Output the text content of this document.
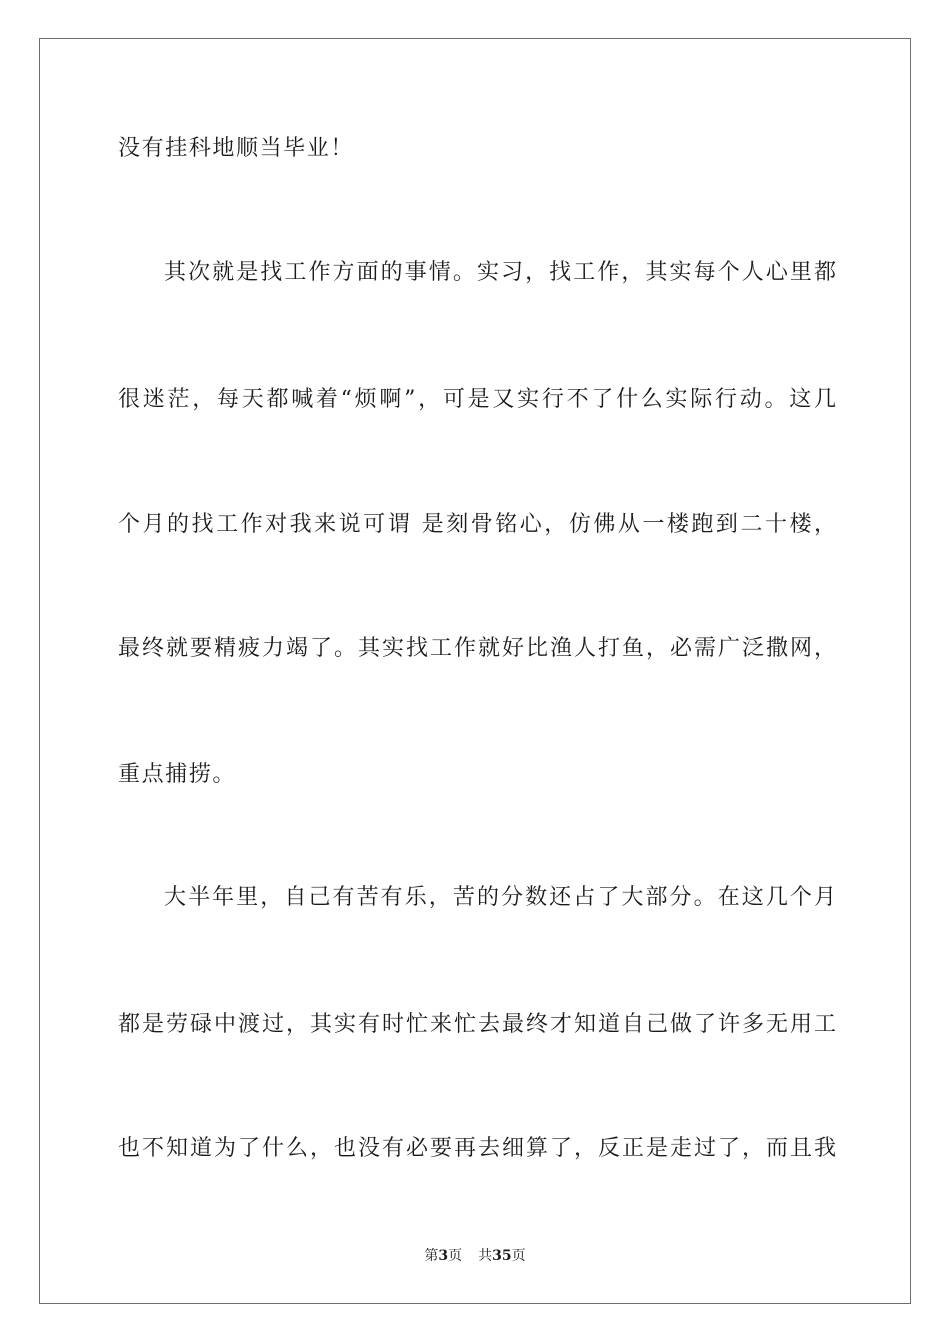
没有挂科地顺当毕业！

其次就是找工作方面的事情。实习，找工作，其实每个人心里都

很迷茫，每天都喊着“烦啊”，可是又实行不了什么实际行动。这几

个月的找工作对我来说可谓 是刻骨铭心，仿佛从一楼跑到二十楼，

最终就要精疲力竭了。其实找工作就好比渔人打鱼，必需广泛撒网，

重点捕捞。

大半年里，自己有苦有乐，苦的分数还占了大部分。在这几个月

都是劳碌中渡过，其实有时忙来忙去最终才知道自己做了许多无用工

也不知道为了什么，也没有必要再去细算了，反正是走过了，而且我

第3页 共35页
